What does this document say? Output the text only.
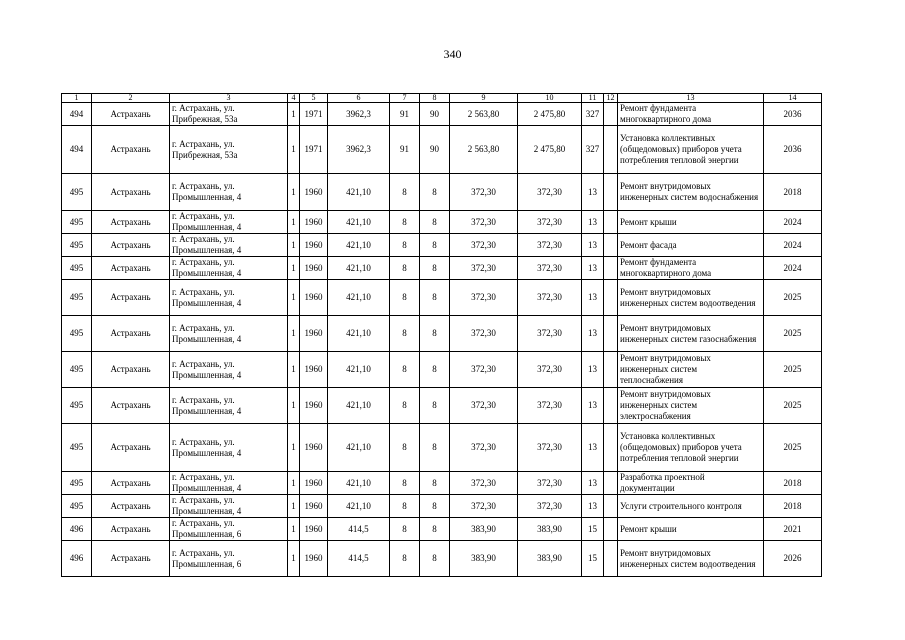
340
1	2	3	4	5	6	7	8	9	10	11	12	13	14
494	Астрахань	г. Астрахань, ул. Прибрежная, 53а	1	1971	3962,3	91	90	2 563,80	2 475,80	327		Ремонт фундамента многоквартирного дома	2036
494	Астрахань	г. Астрахань, ул. Прибрежная, 53а	1	1971	3962,3	91	90	2 563,80	2 475,80	327		Установка коллективных (общедомовых) приборов учета потребления тепловой энергии	2036
495	Астрахань	г. Астрахань, ул. Промышленная, 4	1	1960	421,10	8	8	372,30	372,30	13		Ремонт внутридомовых инженерных систем водоснабжения	2018
495	Астрахань	г. Астрахань, ул. Промышленная, 4	1	1960	421,10	8	8	372,30	372,30	13		Ремонт крыши	2024
495	Астрахань	г. Астрахань, ул. Промышленная, 4	1	1960	421,10	8	8	372,30	372,30	13		Ремонт фасада	2024
495	Астрахань	г. Астрахань, ул. Промышленная, 4	1	1960	421,10	8	8	372,30	372,30	13		Ремонт фундамента многоквартирного дома	2024
495	Астрахань	г. Астрахань, ул. Промышленная, 4	1	1960	421,10	8	8	372,30	372,30	13		Ремонт внутридомовых инженерных систем водоотведения	2025
495	Астрахань	г. Астрахань, ул. Промышленная, 4	1	1960	421,10	8	8	372,30	372,30	13		Ремонт внутридомовых инженерных систем газоснабжения	2025
495	Астрахань	г. Астрахань, ул. Промышленная, 4	1	1960	421,10	8	8	372,30	372,30	13		Ремонт внутридомовых инженерных систем теплоснабжения	2025
495	Астрахань	г. Астрахань, ул. Промышленная, 4	1	1960	421,10	8	8	372,30	372,30	13		Ремонт внутридомовых инженерных систем электроснабжения	2025
495	Астрахань	г. Астрахань, ул. Промышленная, 4	1	1960	421,10	8	8	372,30	372,30	13		Установка коллективных (общедомовых) приборов учета потребления тепловой энергии	2025
495	Астрахань	г. Астрахань, ул. Промышленная, 4	1	1960	421,10	8	8	372,30	372,30	13		Разработка проектной документации	2018
495	Астрахань	г. Астрахань, ул. Промышленная, 4	1	1960	421,10	8	8	372,30	372,30	13		Услуги строительного контроля	2018
496	Астрахань	г. Астрахань, ул. Промышленная, 6	1	1960	414,5	8	8	383,90	383,90	15		Ремонт крыши	2021
496	Астрахань	г. Астрахань, ул. Промышленная, 6	1	1960	414,5	8	8	383,90	383,90	15		Ремонт внутридомовых инженерных систем водоотведения	2026
